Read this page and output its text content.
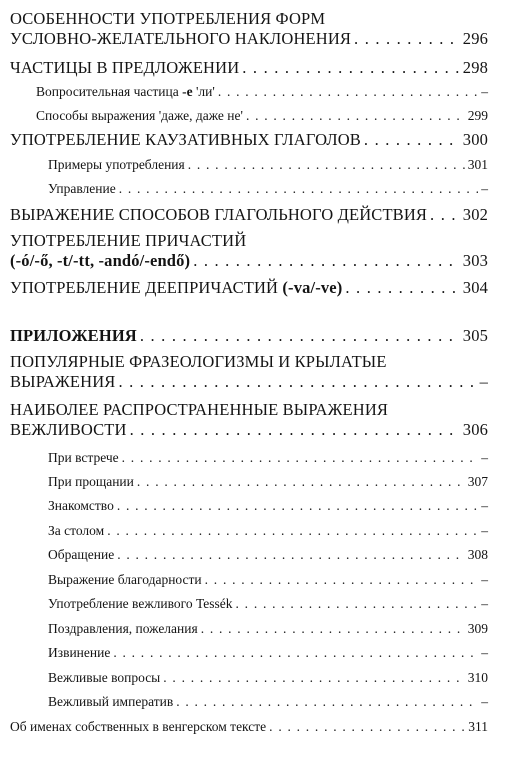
ОСОБЕННОСТИ УПОТРЕБЛЕНИЯ ФОРМ
УСЛОВНО-ЖЕЛАТЕЛЬНОГО НАКЛОНЕНИЯ . . .	296
ЧАСТИЦЫ В ПРЕДЛОЖЕНИИ . . .	298
Вопросительная частица -е 'ли' . . .	–
Способы выражения 'даже, даже не' . . .	299
УПОТРЕБЛЕНИЕ КАУЗАТИВНЫХ ГЛАГОЛОВ . . .	300
Примеры употребления . . .	301
Управление . . .	–
ВЫРАЖЕНИЕ СПОСОБОВ ГЛАГОЛЬНОГО ДЕЙСТВИЯ . . . 302
УПОТРЕБЛЕНИЕ ПРИЧАСТИЙ
(-ó/-ő, -t/-tt, -andó/-endő) . . .	303
УПОТРЕБЛЕНИЕ ДЕЕПРИЧАСТИЙ (-va/-ve) . . .	304
ПРИЛОЖЕНИЯ . . .	305
ПОПУЛЯРНЫЕ ФРАЗЕОЛОГИЗМЫ И КРЫЛАТЫЕ
ВЫРАЖЕНИЯ . . .	–
НАИБОЛЕЕ РАСПРОСТРАНЕННЫЕ ВЫРАЖЕНИЯ
ВЕЖЛИВОСТИ . . .	306
При встрече . . .	–
При прощании . . .	307
Знакомство . . .	–
За столом . . .	–
Обращение . . .	308
Выражение благодарности . . .	–
Употребление вежливого Tessék . . .	–
Поздравления, пожелания . . .	309
Извинение . . .	–
Вежливые вопросы . . .	310
Вежливый императив . . .	–
Об именах собственных в венгерском тексте . . .	311
